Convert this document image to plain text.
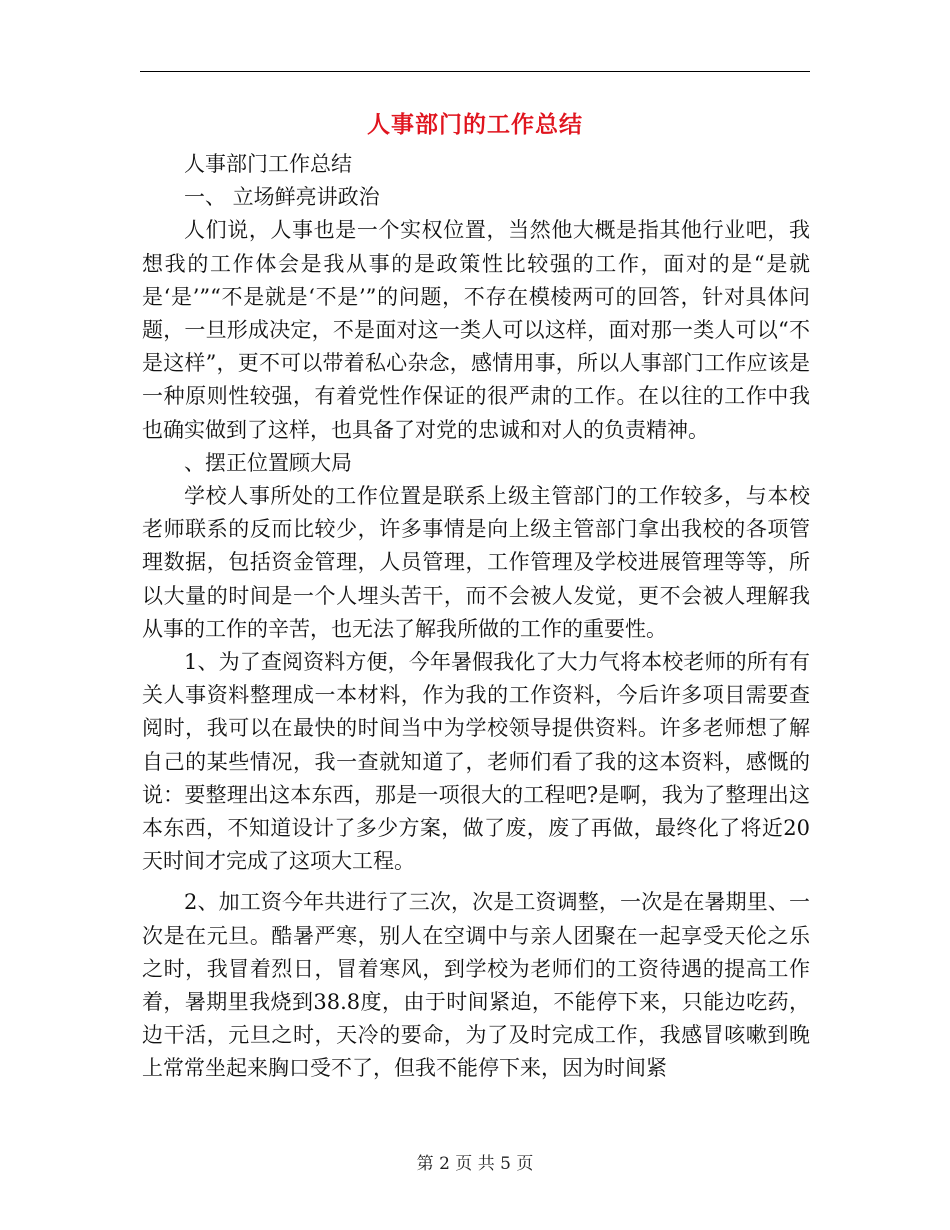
人事部门的工作总结

人事部门工作总结

一、 立场鲜亮讲政治

人们说，人事也是一个实权位置，当然他大概是指其他行业吧，我想我的工作体会是我从事的是政策性比较强的工作，面对的是“是就是‘是’”“不是就是‘不是’”的问题，不存在模棱两可的回答，针对具体问题，一旦形成决定，不是面对这一类人可以这样，面对那一类人可以“不是这样”，更不可以带着私心杂念，感情用事，所以人事部门工作应该是一种原则性较强，有着党性作保证的很严肃的工作。在以往的工作中我也确实做到了这样，也具备了对党的忠诚和对人的负责精神。

、摆正位置顾大局

学校人事所处的工作位置是联系上级主管部门的工作较多，与本校老师联系的反而比较少，许多事情是向上级主管部门拿出我校的各项管理数据，包括资金管理，人员管理，工作管理及学校进展管理等等，所以大量的时间是一个人埋头苦干，而不会被人发觉，更不会被人理解我从事的工作的辛苦，也无法了解我所做的工作的重要性。

1、为了查阅资料方便，今年暑假我化了大力气将本校老师的所有有关人事资料整理成一本材料，作为我的工作资料，今后许多项目需要查阅时，我可以在最快的时间当中为学校领导提供资料。许多老师想了解自己的某些情况，我一查就知道了，老师们看了我的这本资料，感慨的说：要整理出这本东西，那是一项很大的工程吧?是啊，我为了整理出这本东西，不知道设计了多少方案，做了废，废了再做，最终化了将近20天时间才完成了这项大工程。

2、加工资今年共进行了三次，次是工资调整，一次是在暑期里、一次是在元旦。酷暑严寒，别人在空调中与亲人团聚在一起享受天伦之乐之时，我冒着烈日，冒着寒风，到学校为老师们的工资待遇的提高工作着，暑期里我烧到38.8度，由于时间紧迫，不能停下来，只能边吃药，边干活，元旦之时，天冷的要命，为了及时完成工作，我感冒咳嗽到晚上常常坐起来胸口受不了，但我不能停下来，因为时间紧

第 2 页 共 5 页
